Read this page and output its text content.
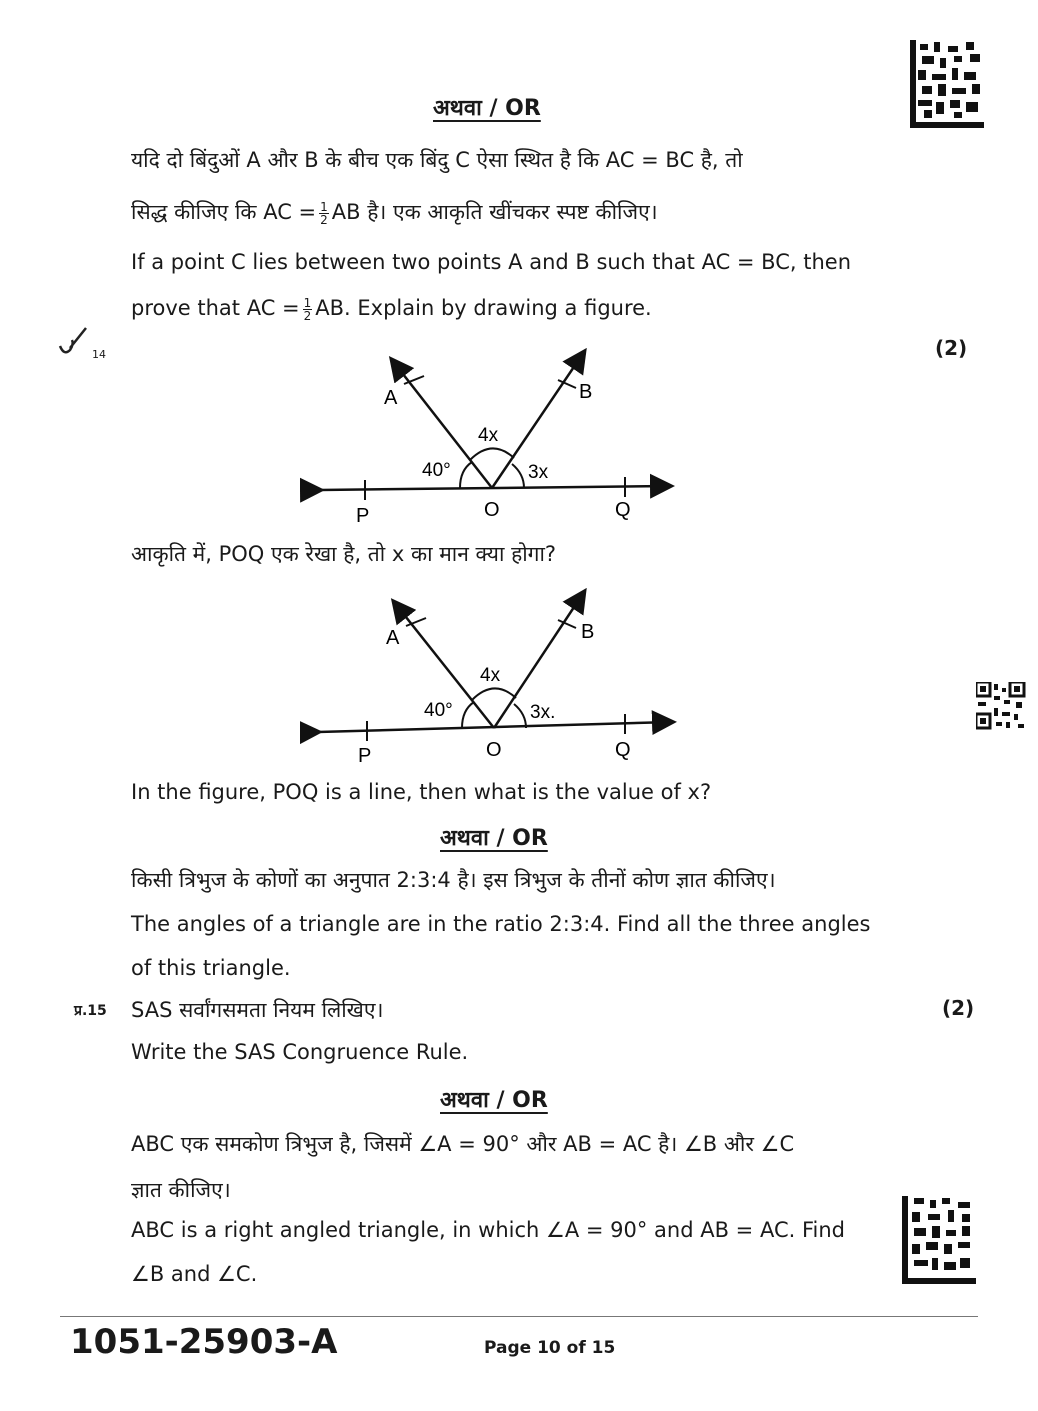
अथवा / OR
यदि दो बिंदुओं A और B के बीच एक बिंदु C ऐसा स्थित है कि AC = BC है, तो
सिद्ध कीजिए कि AC = $\frac{1}{2}$ AB है। एक आकृति खींचकर स्पष्ट कीजिए।
If a point C lies between two points A and B such that AC = BC, then
prove that AC = $\frac{1}{2}$ AB. Explain by drawing a figure.
14	(2)
A	B
4x
40°	3x
P	O	Q
आकृति में, POQ एक रेखा है, तो x का मान क्या होगा?
A	B
4x
40°	3x.
P	O	Q
In the figure, POQ is a line, then what is the value of x?
अथवा / OR
किसी त्रिभुज के कोणों का अनुपात 2:3:4 है। इस त्रिभुज के तीनों कोण ज्ञात कीजिए।
The angles of a triangle are in the ratio 2:3:4. Find all the three angles
of this triangle.
प्र.15 SAS सर्वांगसमता नियम लिखिए।	(2)
Write the SAS Congruence Rule.
अथवा / OR
ABC एक समकोण त्रिभुज है, जिसमें ∠A = 90° और AB = AC है। ∠B और ∠C
ज्ञात कीजिए।
ABC is a right angled triangle, in which ∠A = 90° and AB = AC. Find
∠B and ∠C.
1051-25903-A	Page 10 of 15
